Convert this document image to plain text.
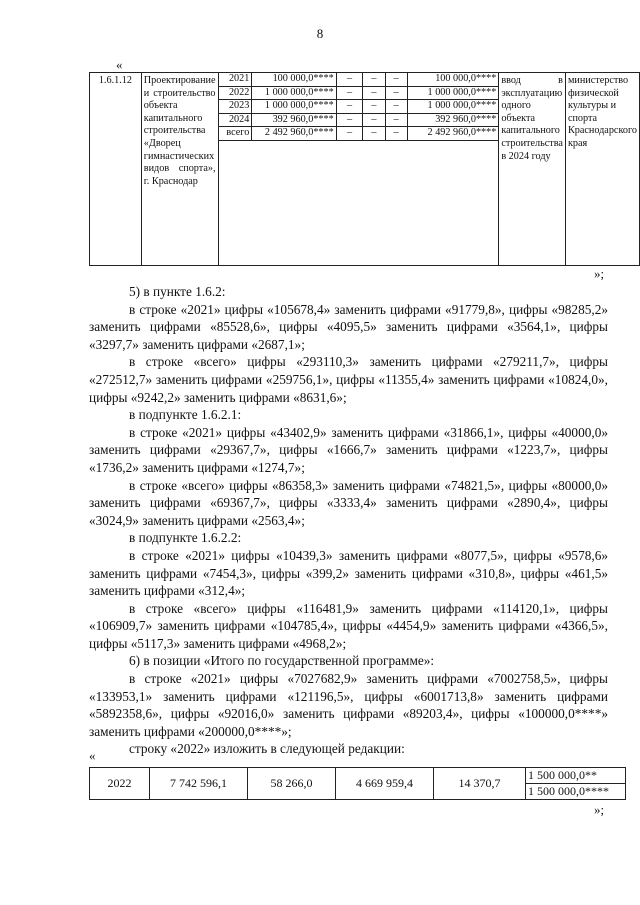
8
«
1.6.1.12	Проектирование и строительство объекта капитального строительства «Дворец гимнастических видов спорта», г. Краснодар	
2021	100 000,0****	–	–	–	100 000,0****
2022	1 000 000,0****	–	–	–	1 000 000,0****
2023	1 000 000,0****	–	–	–	1 000 000,0****
2024	392 960,0****	–	–	–	392 960,0****
всего	2 492 960,0****	–	–	–	2 492 960,0****
	ввод в эксплуатацию одного объекта капитального строительства в 2024 году	министерство физической культуры и спорта Краснодарского края
»;

5) в пункте 1.6.2:

в строке «2021» цифры «105678,4» заменить цифрами «91779,8», цифры «98285,2» заменить цифрами «85528,6», цифры «4095,5» заменить цифрами «3564,1», цифры «3297,7» заменить цифрами «2687,1»;

в строке «всего» цифры «293110,3» заменить цифрами «279211,7», цифры «272512,7» заменить цифрами «259756,1», цифры «11355,4» заменить цифрами «10824,0», цифры «9242,2» заменить цифрами «8631,6»;

в подпункте 1.6.2.1:

в строке «2021» цифры «43402,9» заменить цифрами «31866,1», цифры «40000,0» заменить цифрами «29367,7», цифры «1666,7» заменить цифрами «1223,7», цифры «1736,2» заменить цифрами «1274,7»;

в строке «всего» цифры «86358,3» заменить цифрами «74821,5», цифры «80000,0» заменить цифрами «69367,7», цифры «3333,4» заменить цифрами «2890,4», цифры «3024,9» заменить цифрами «2563,4»;

в подпункте 1.6.2.2:

в строке «2021» цифры «10439,3» заменить цифрами «8077,5», цифры «9578,6» заменить цифрами «7454,3», цифры «399,2» заменить цифрами «310,8», цифры «461,5» заменить цифрами «312,4»;

в строке «всего» цифры «116481,9» заменить цифрами «114120,1», цифры «106909,7» заменить цифрами «104785,4», цифры «4454,9» заменить цифрами «4366,5», цифры «5117,3» заменить цифрами «4968,2»;

6) в позиции «Итого по государственной программе»:

в строке «2021» цифры «7027682,9» заменить цифрами «7002758,5», цифры «133953,1» заменить цифрами «121196,5», цифры «6001713,8» заменить цифрами «5892358,6», цифры «92016,0» заменить цифрами «89203,4», цифры «100000,0****» заменить цифрами «200000,0****»;

строку «2022» изложить в следующей редакции:

«
2022	7 742 596,1	58 266,0	4 669 959,4	14 370,7	1 500 000,0**
1 500 000,0****
»;
